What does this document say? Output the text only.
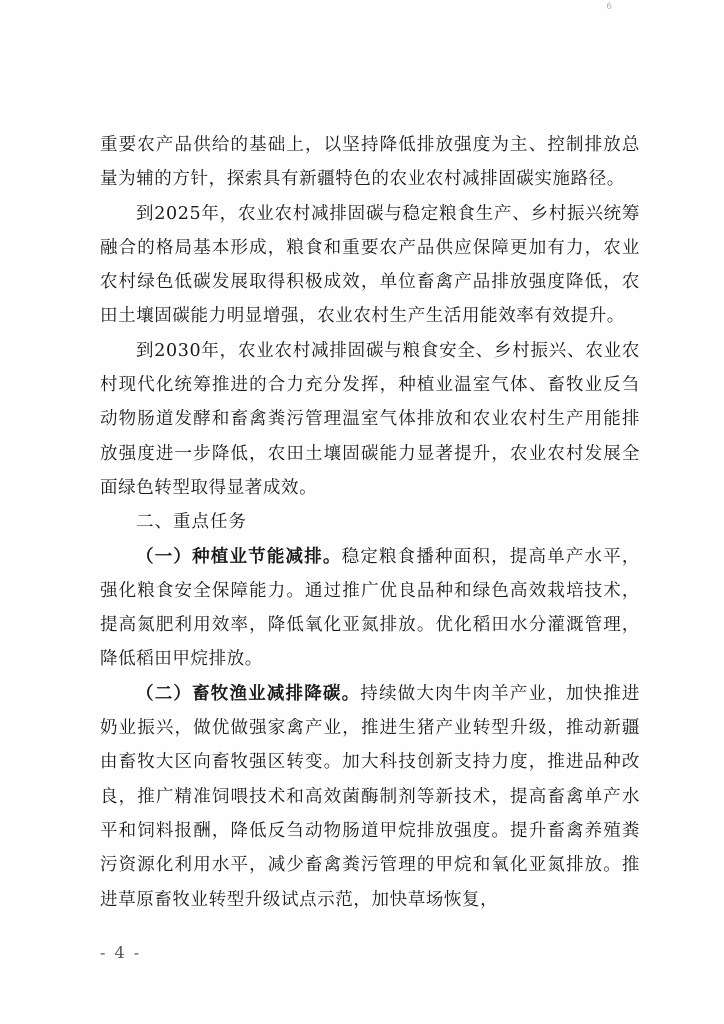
6

重要农产品供给的基础上，以坚持降低排放强度为主、控制排放总量为辅的方针，探索具有新疆特色的农业农村减排固碳实施路径。

到2025年，农业农村减排固碳与稳定粮食生产、乡村振兴统筹融合的格局基本形成，粮食和重要农产品供应保障更加有力，农业农村绿色低碳发展取得积极成效，单位畜禽产品排放强度降低，农田土壤固碳能力明显增强，农业农村生产生活用能效率有效提升。

到2030年，农业农村减排固碳与粮食安全、乡村振兴、农业农村现代化统筹推进的合力充分发挥，种植业温室气体、畜牧业反刍动物肠道发酵和畜禽粪污管理温室气体排放和农业农村生产用能排放强度进一步降低，农田土壤固碳能力显著提升，农业农村发展全面绿色转型取得显著成效。

二、重点任务

（一）种植业节能减排。稳定粮食播种面积，提高单产水平，强化粮食安全保障能力。通过推广优良品种和绿色高效栽培技术，提高氮肥利用效率，降低氧化亚氮排放。优化稻田水分灌溉管理，降低稻田甲烷排放。

（二）畜牧渔业减排降碳。持续做大肉牛肉羊产业，加快推进奶业振兴，做优做强家禽产业，推进生猪产业转型升级，推动新疆由畜牧大区向畜牧强区转变。加大科技创新支持力度，推进品种改良，推广精准饲喂技术和高效菌酶制剂等新技术，提高畜禽单产水平和饲料报酬，降低反刍动物肠道甲烷排放强度。提升畜禽养殖粪污资源化利用水平，减少畜禽粪污管理的甲烷和氧化亚氮排放。推进草原畜牧业转型升级试点示范，加快草场恢复，

- 4 -
